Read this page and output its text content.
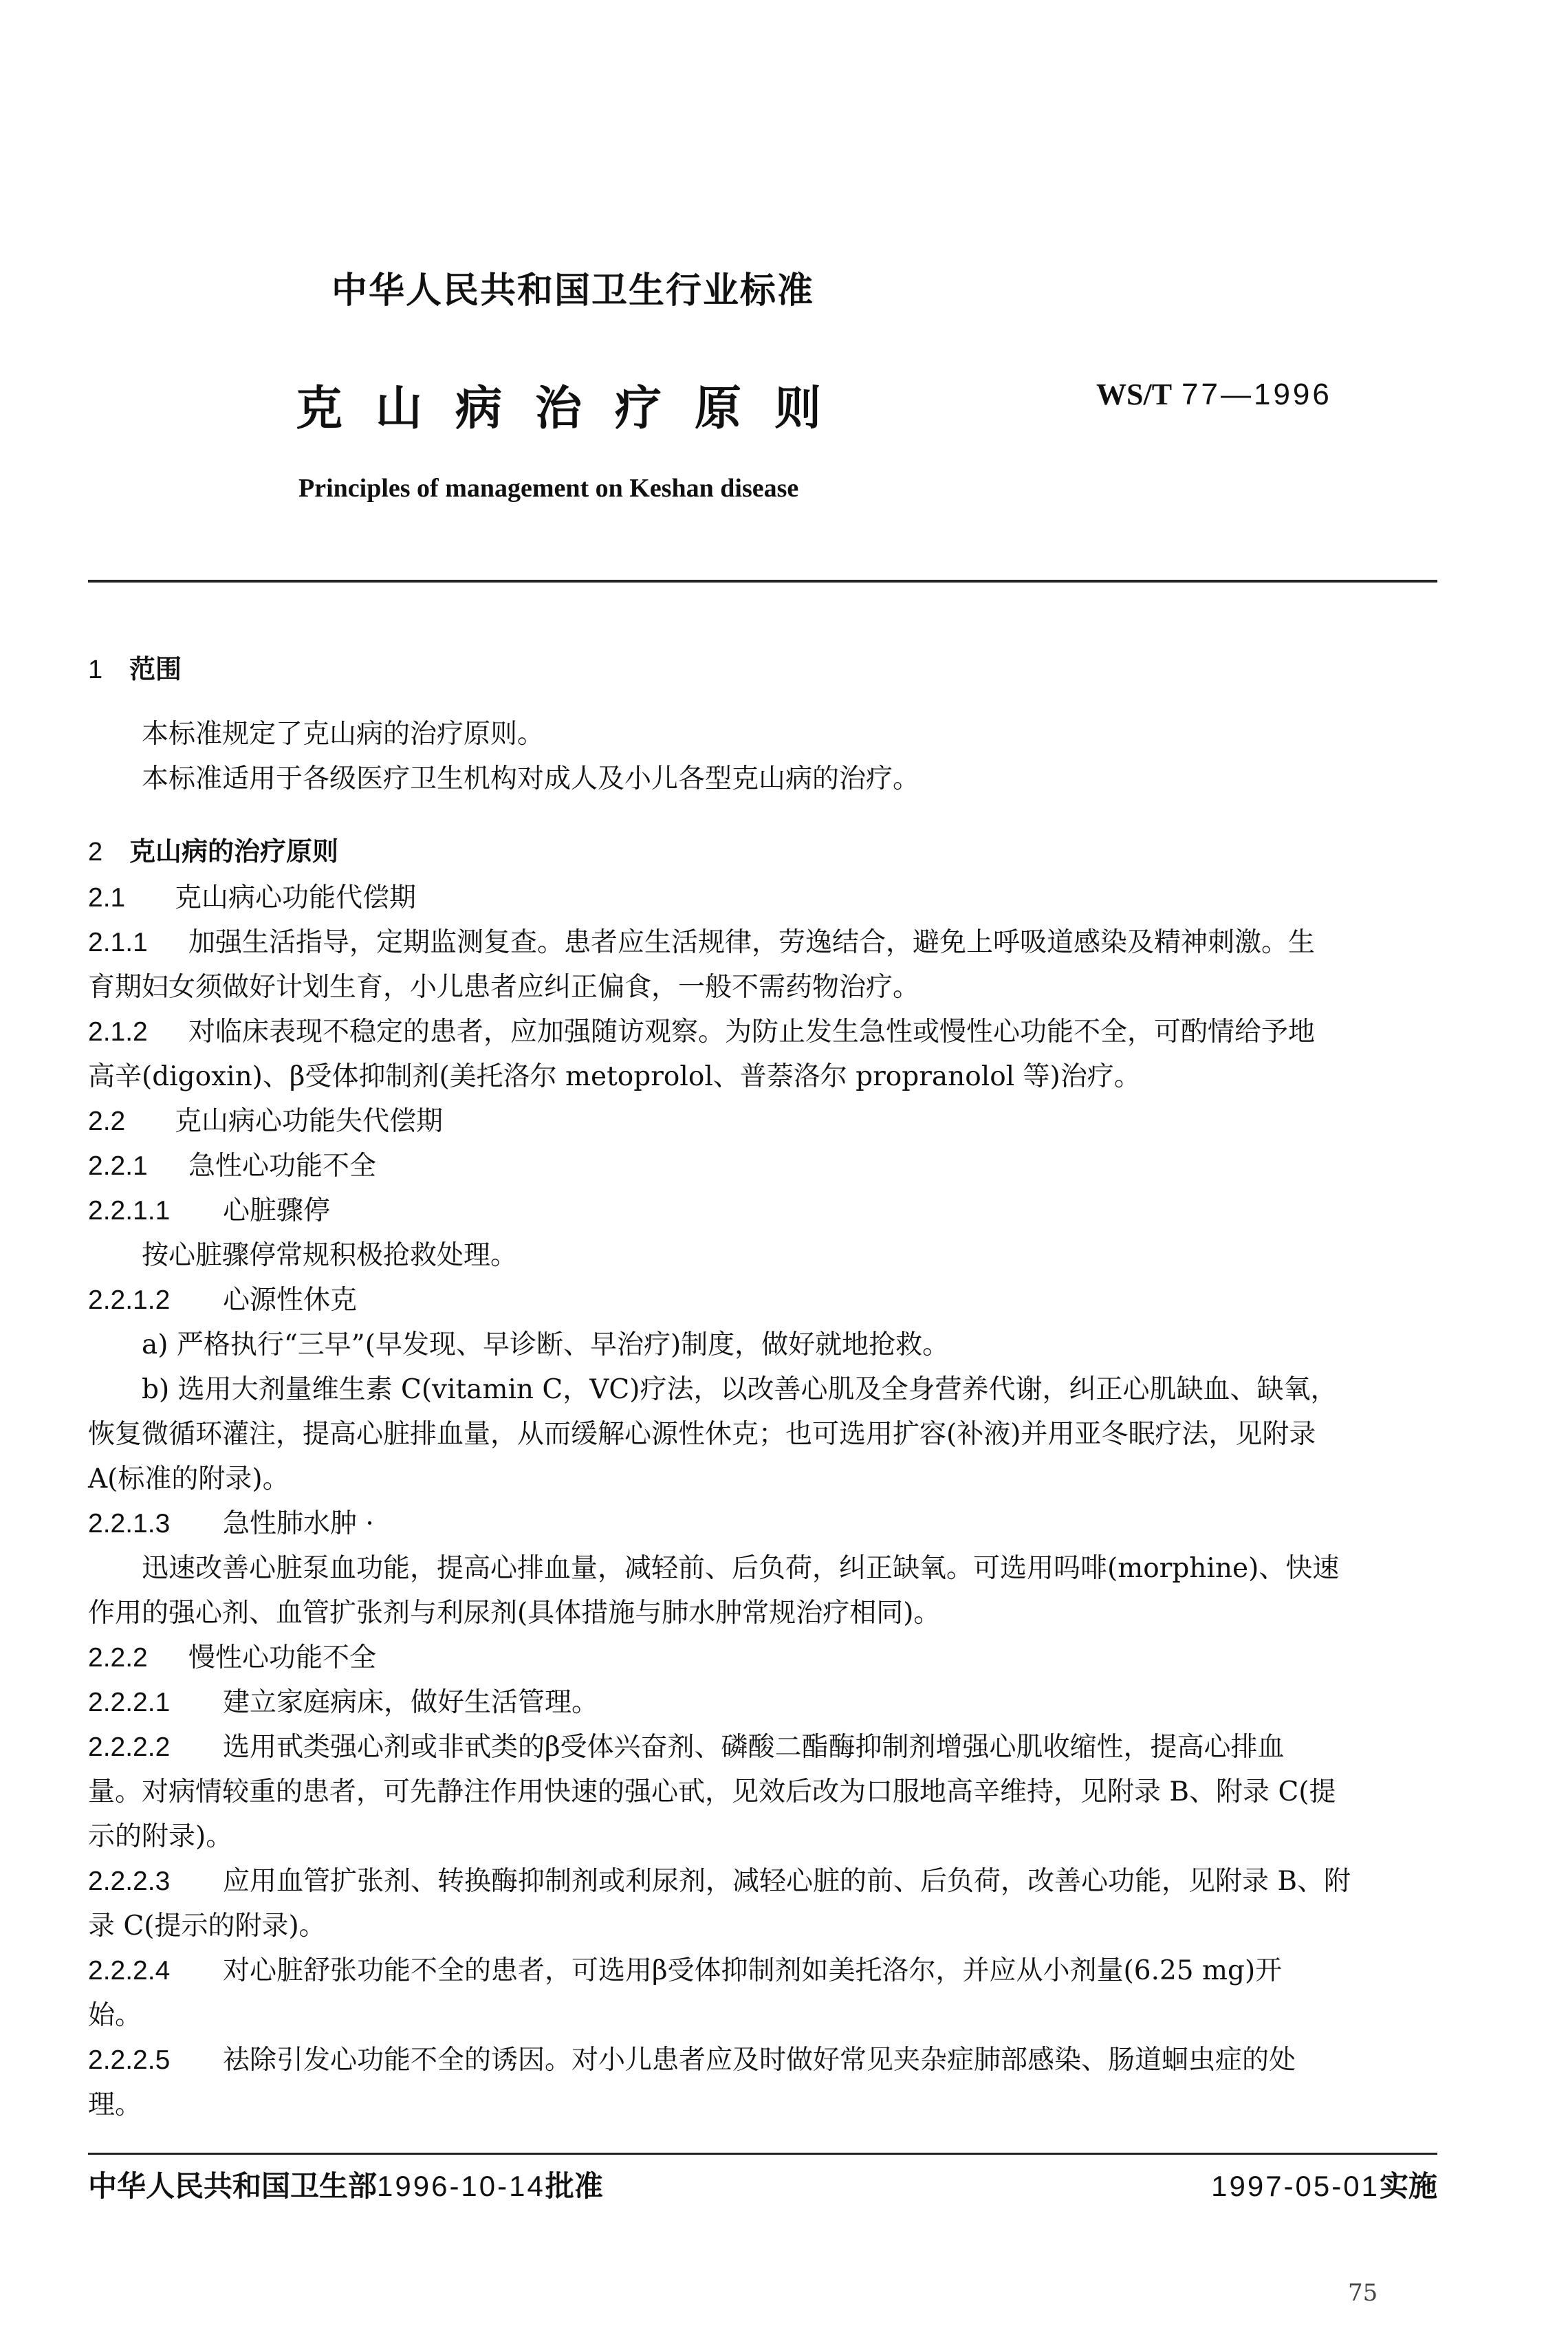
中华人民共和国卫生行业标准
克山病治疗原则	WS/T 77—1996
Principles of management on Keshan disease
1 范围
2 克山病的治疗原则

本标准规定了克山病的治疗原则。

本标准适用于各级医疗卫生机构对成人及小儿各型克山病的治疗。

2.1 克山病心功能代偿期

2.1.1 加强生活指导，定期监测复查。患者应生活规律，劳逸结合，避免上呼吸道感染及精神刺激。生

育期妇女须做好计划生育，小儿患者应纠正偏食，一般不需药物治疗。

2.1.2 对临床表现不稳定的患者，应加强随访观察。为防止发生急性或慢性心功能不全，可酌情给予地

高辛(digoxin)、β受体抑制剂(美托洛尔 metoprolol、普萘洛尔 propranolol 等)治疗。

2.2 克山病心功能失代偿期

2.2.1 急性心功能不全

2.2.1.1 心脏骤停

按心脏骤停常规积极抢救处理。

2.2.1.2 心源性休克

a) 严格执行“三早”(早发现、早诊断、早治疗)制度，做好就地抢救。

b) 选用大剂量维生素 C(vitamin C，VC)疗法，以改善心肌及全身营养代谢，纠正心肌缺血、缺氧，

恢复微循环灌注，提高心脏排血量，从而缓解心源性休克；也可选用扩容(补液)并用亚冬眠疗法，见附录

A(标准的附录)。

2.2.1.3 急性肺水肿 ·

迅速改善心脏泵血功能，提高心排血量，减轻前、后负荷，纠正缺氧。可选用吗啡(morphine)、快速

作用的强心剂、血管扩张剂与利尿剂(具体措施与肺水肿常规治疗相同)。

2.2.2 慢性心功能不全

2.2.2.1 建立家庭病床，做好生活管理。

2.2.2.2 选用甙类强心剂或非甙类的β受体兴奋剂、磷酸二酯酶抑制剂增强心肌收缩性，提高心排血

量。对病情较重的患者，可先静注作用快速的强心甙，见效后改为口服地高辛维持，见附录 B、附录 C(提

示的附录)。

2.2.2.3 应用血管扩张剂、转换酶抑制剂或利尿剂，减轻心脏的前、后负荷，改善心功能，见附录 B、附

录 C(提示的附录)。

2.2.2.4 对心脏舒张功能不全的患者，可选用β受体抑制剂如美托洛尔，并应从小剂量(6.25 mg)开

始。

2.2.2.5 祛除引发心功能不全的诱因。对小儿患者应及时做好常见夹杂症肺部感染、肠道蛔虫症的处

理。

中华人民共和国卫生部1996-10-14批准	1997-05-01实施
75
